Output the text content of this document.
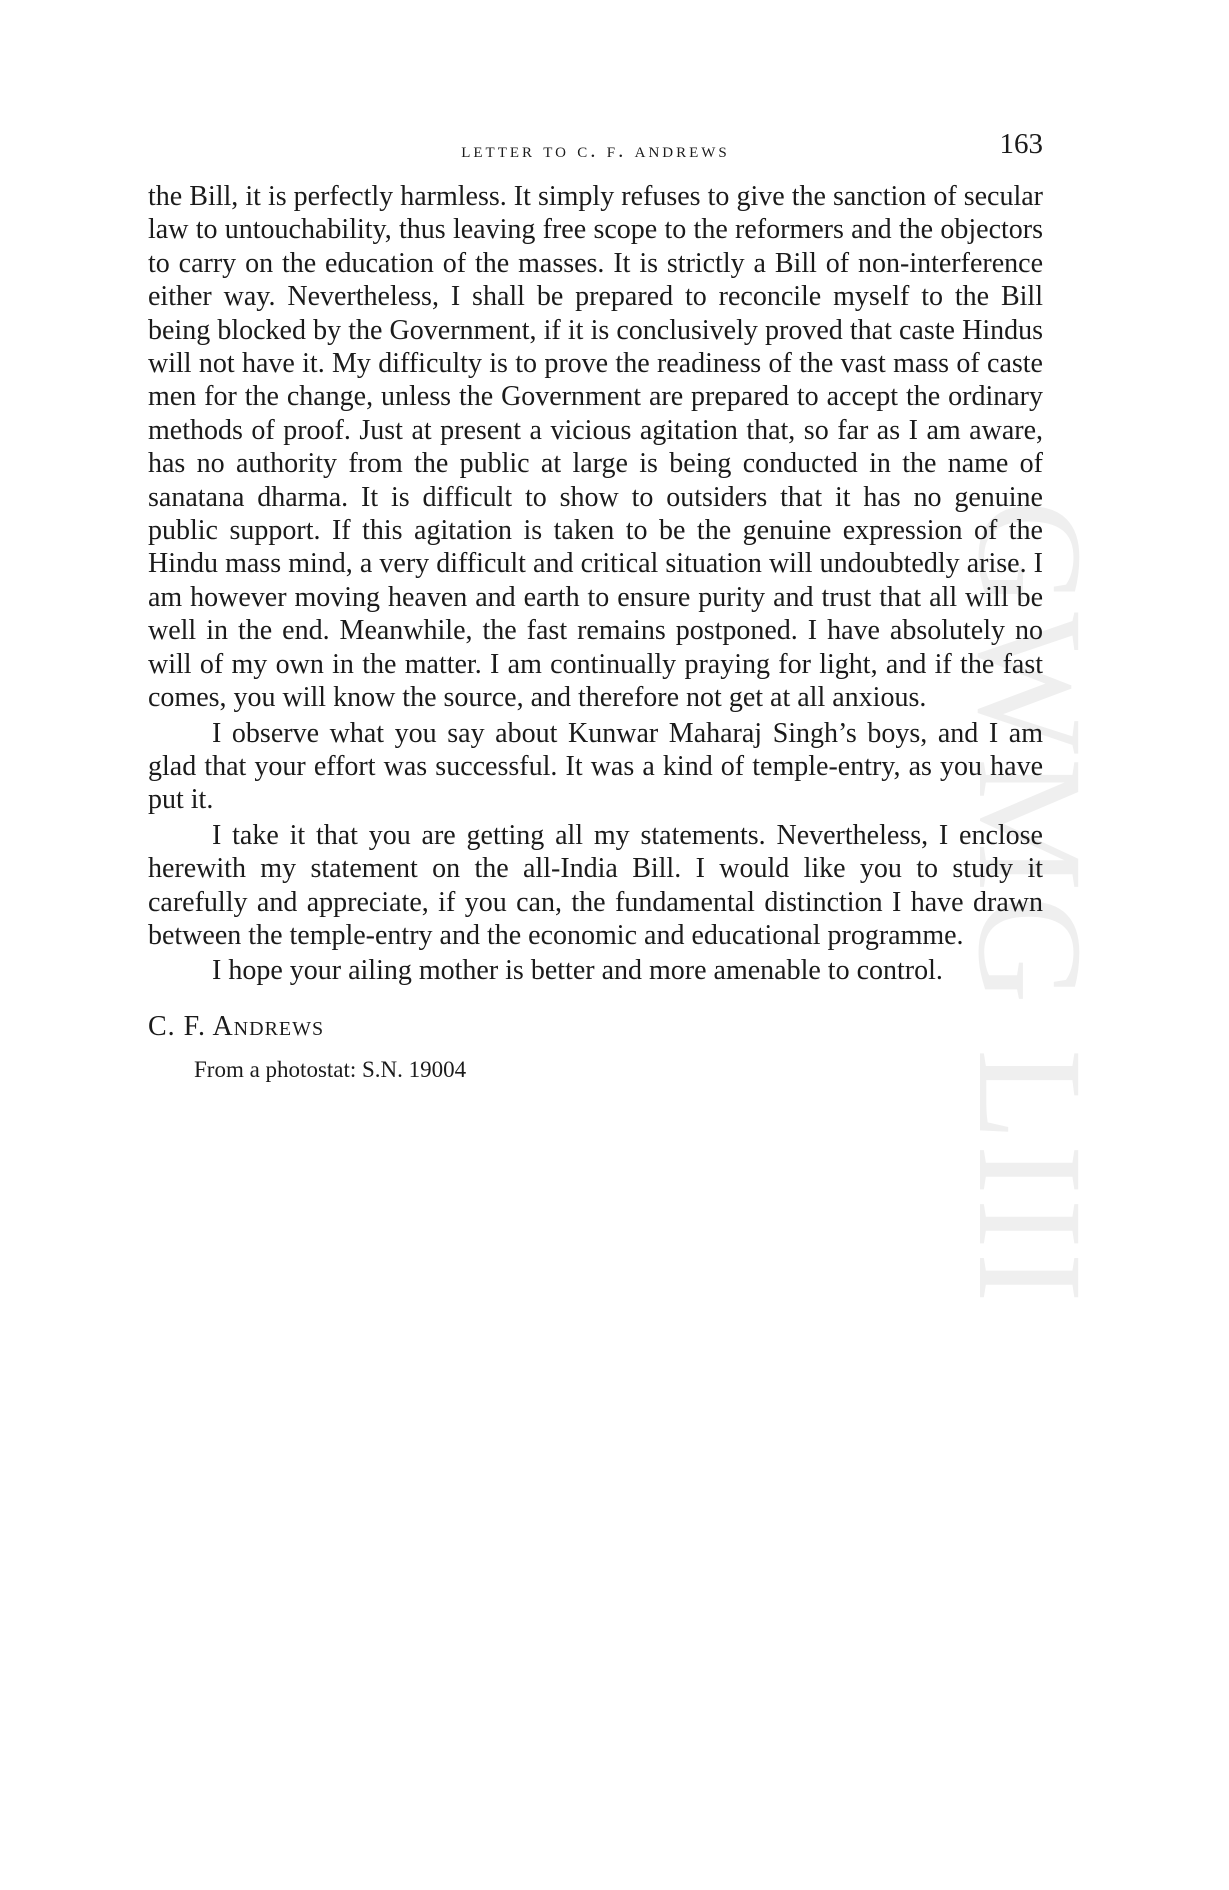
GWMG LIII
letter to c. f. andrews	163

the Bill, it is perfectly harmless. It simply refuses to give the sanction of secular law to untouchability, thus leaving free scope to the reformers and the objectors to carry on the education of the masses. It is strictly a Bill of non-interference either way. Nevertheless, I shall be prepared to reconcile myself to the Bill being blocked by the Government, if it is conclusively proved that caste Hindus will not have it. My difficulty is to prove the readiness of the vast mass of caste men for the change, unless the Government are prepared to accept the ordinary methods of proof. Just at present a vicious agitation that, so far as I am aware, has no authority from the public at large is being conducted in the name of sanatana dharma. It is difficult to show to outsiders that it has no genuine public support. If this agitation is taken to be the genuine expression of the Hindu mass mind, a very difficult and critical situation will undoubtedly arise. I am however moving heaven and earth to ensure purity and trust that all will be well in the end. Meanwhile, the fast remains postponed. I have absolutely no will of my own in the matter. I am continually praying for light, and if the fast comes, you will know the source, and therefore not get at all anxious.

I observe what you say about Kunwar Maharaj Singh’s boys, and I am glad that your effort was successful. It was a kind of temple-entry, as you have put it.

I take it that you are getting all my statements. Nevertheless, I enclose herewith my statement on the all-India Bill. I would like you to study it carefully and appreciate, if you can, the fundamental distinction I have drawn between the temple-entry and the economic and educational programme.

I hope your ailing mother is better and more amenable to control.

C. F. Andrews

From a photostat: S.N. 19004
